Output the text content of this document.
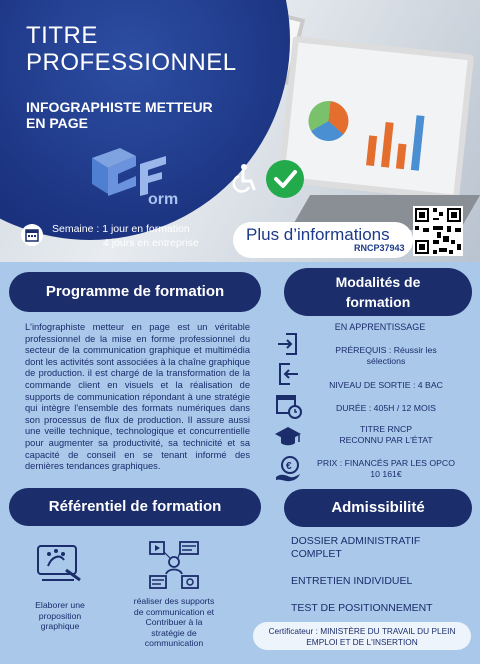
TITRE
PROFESSIONNEL
INFOGRAPHISTE METTEUR
EN PAGE
orm
Semaine : 1 jour en formation
4 jours en entreprise	Plus d’informations
RNCP37943
Programme de formation
L'infographiste metteur en page est un véritable professionnel de la mise en forme professionnel du secteur de la communication graphique et multimédia dont les activités sont associées à la chaîne graphique de production. il est chargé de la transformation de la commande client en visuels et la réalisation de supports de communication répondant à une stratégie qui intègre l'ensemble des formats numériques dans son processus de flux de production. Il assure aussi une veille technique, technologique et concurrentielle pour augmenter sa productivité, sa technicité et sa capacité de conseil en se tenant informé des dernières tendances graphiques.
Modalités de
formation
EN APPRENTISSAGE
PRÉREQUIS : Réussir les
sélections
NIVEAU DE SORTIE : 4 BAC
DURÉE : 405H / 12 MOIS
TITRE RNCP
RECONNU PAR L'ÉTAT
€	PRIX : FINANCÉS PAR LES OPCO
10 161€
Référentiel de formation
Elaborer une
proposition
graphique
réaliser des supports
de communication et
Contribuer à la
stratégie de
communication
Admissibilité
DOSSIER ADMINISTRATIF
COMPLET
ENTRETIEN INDIVIDUEL
TEST DE POSITIONNEMENT
Certificateur : MINISTÈRE DU TRAVAIL DU PLEIN
EMPLOI ET DE L'INSERTION
